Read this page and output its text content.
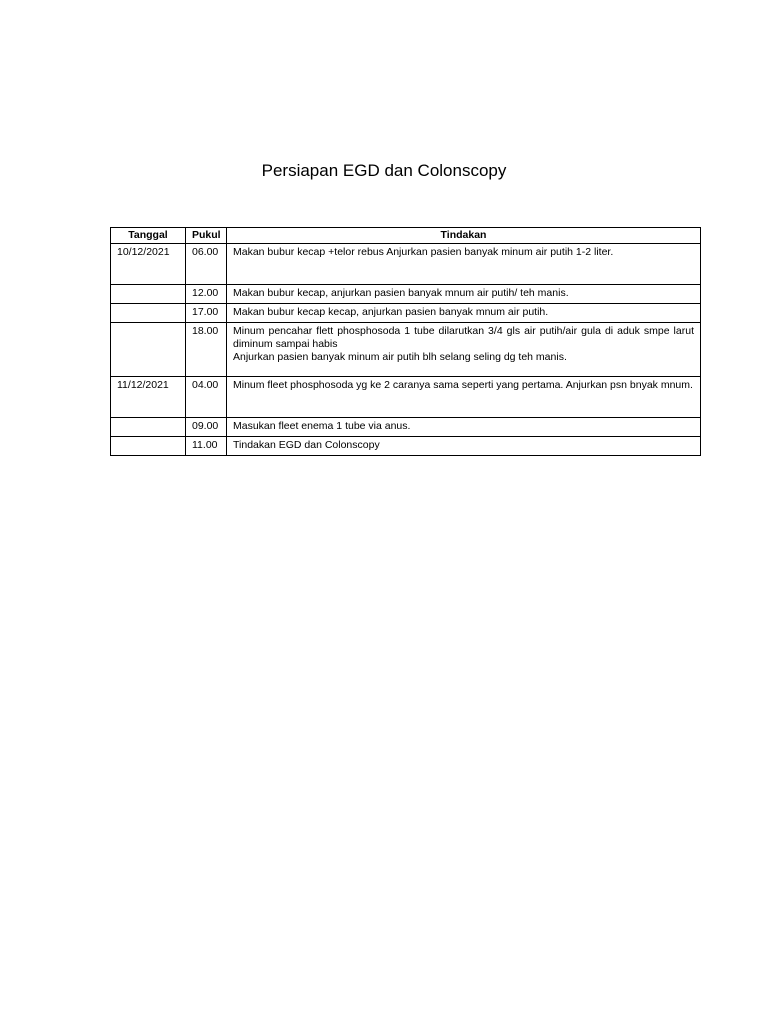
Persiapan EGD dan Colonscopy
Tanggal	Pukul	Tindakan
10/12/2021	06.00	Makan bubur kecap +telor rebus Anjurkan pasien banyak minum air putih 1-2 liter.

	12.00	Makan bubur kecap, anjurkan pasien banyak mnum air putih/ teh manis.

	17.00	Makan bubur kecap kecap, anjurkan pasien banyak mnum air putih.

	18.00	Minum pencahar flett phosphosoda 1 tube dilarutkan 3/4 gls air putih/air gula di aduk smpe larut diminum sampai habis
Anjurkan pasien banyak minum air putih blh selang seling dg teh manis.

11/12/2021	04.00	Minum fleet phosphosoda yg ke 2 caranya sama seperti yang pertama. Anjurkan psn bnyak mnum.

	09.00	Masukan fleet enema 1 tube via anus.

	11.00	Tindakan EGD dan Colonscopy
